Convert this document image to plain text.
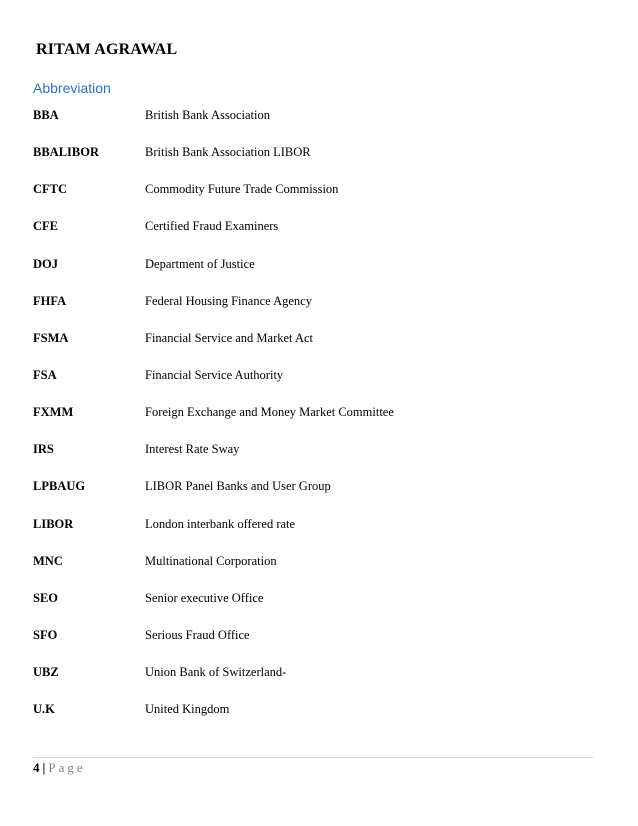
RITAM AGRAWAL
Abbreviation
BBA	British Bank Association
BBALIBOR	British Bank Association LIBOR
CFTC	Commodity Future Trade Commission
CFE	Certified Fraud Examiners
DOJ	Department of Justice
FHFA	Federal Housing Finance Agency
FSMA	Financial Service and Market Act
FSA	Financial Service Authority
FXMM	Foreign Exchange and Money Market Committee
IRS	Interest Rate Sway
LPBAUG	LIBOR Panel Banks and User Group
LIBOR	London interbank offered rate
MNC	Multinational Corporation
SEO	Senior executive Office
SFO	Serious Fraud Office
UBZ	Union Bank of Switzerland-
U.K	United Kingdom
4 | Page
